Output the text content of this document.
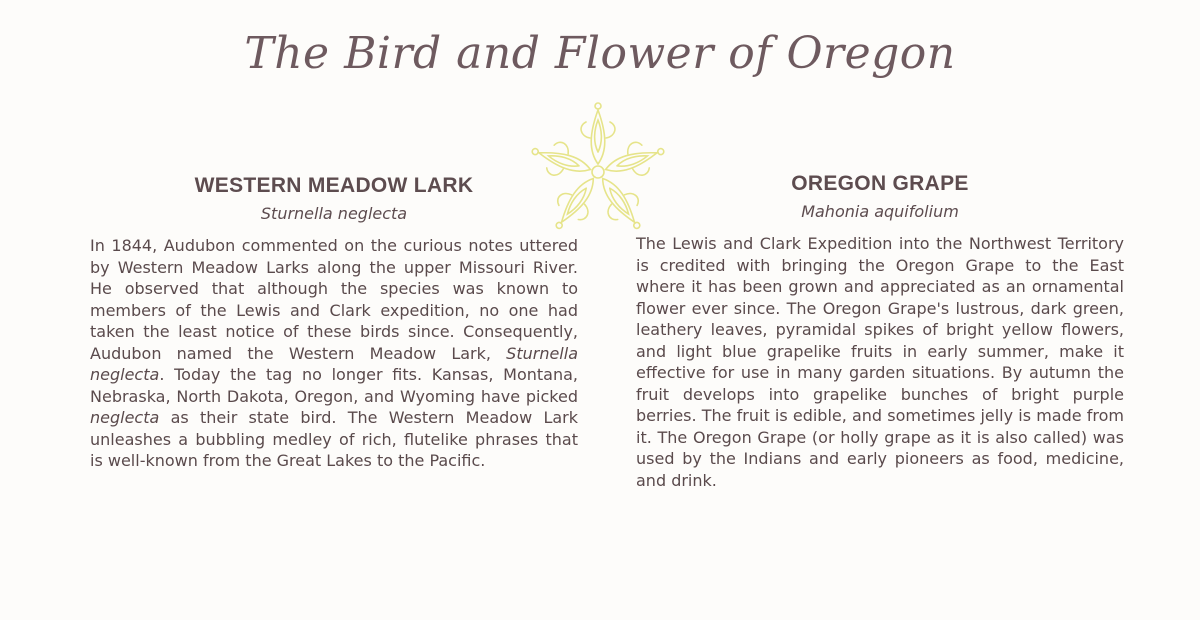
The Bird and Flower of Oregon
WESTERN MEADOW LARK

Sturnella neglecta

In 1844, Audubon commented on the curious notes uttered by Western Meadow Larks along the upper Missouri River. He observed that although the species was known to members of the Lewis and Clark expedition, no one had taken the least notice of these birds since. Consequently, Audubon named the Western Meadow Lark, Sturnella neglecta. Today the tag no longer fits. Kansas, Montana, Nebraska, North Dakota, Oregon, and Wyoming have picked neglecta as their state bird. The Western Meadow Lark unleashes a bubbling medley of rich, flutelike phrases that is well-known from the Great Lakes to the Pacific.

OREGON GRAPE

Mahonia aquifolium

The Lewis and Clark Expedition into the Northwest Territory is credited with bringing the Oregon Grape to the East where it has been grown and appreciated as an ornamental flower ever since. The Oregon Grape's lustrous, dark green, leathery leaves, pyramidal spikes of bright yellow flowers, and light blue grapelike fruits in early summer, make it effective for use in many garden situations. By autumn the fruit develops into grapelike bunches of bright purple berries. The fruit is edible, and sometimes jelly is made from it. The Oregon Grape (or holly grape as it is also called) was used by the Indians and early pioneers as food, medicine, and drink.
